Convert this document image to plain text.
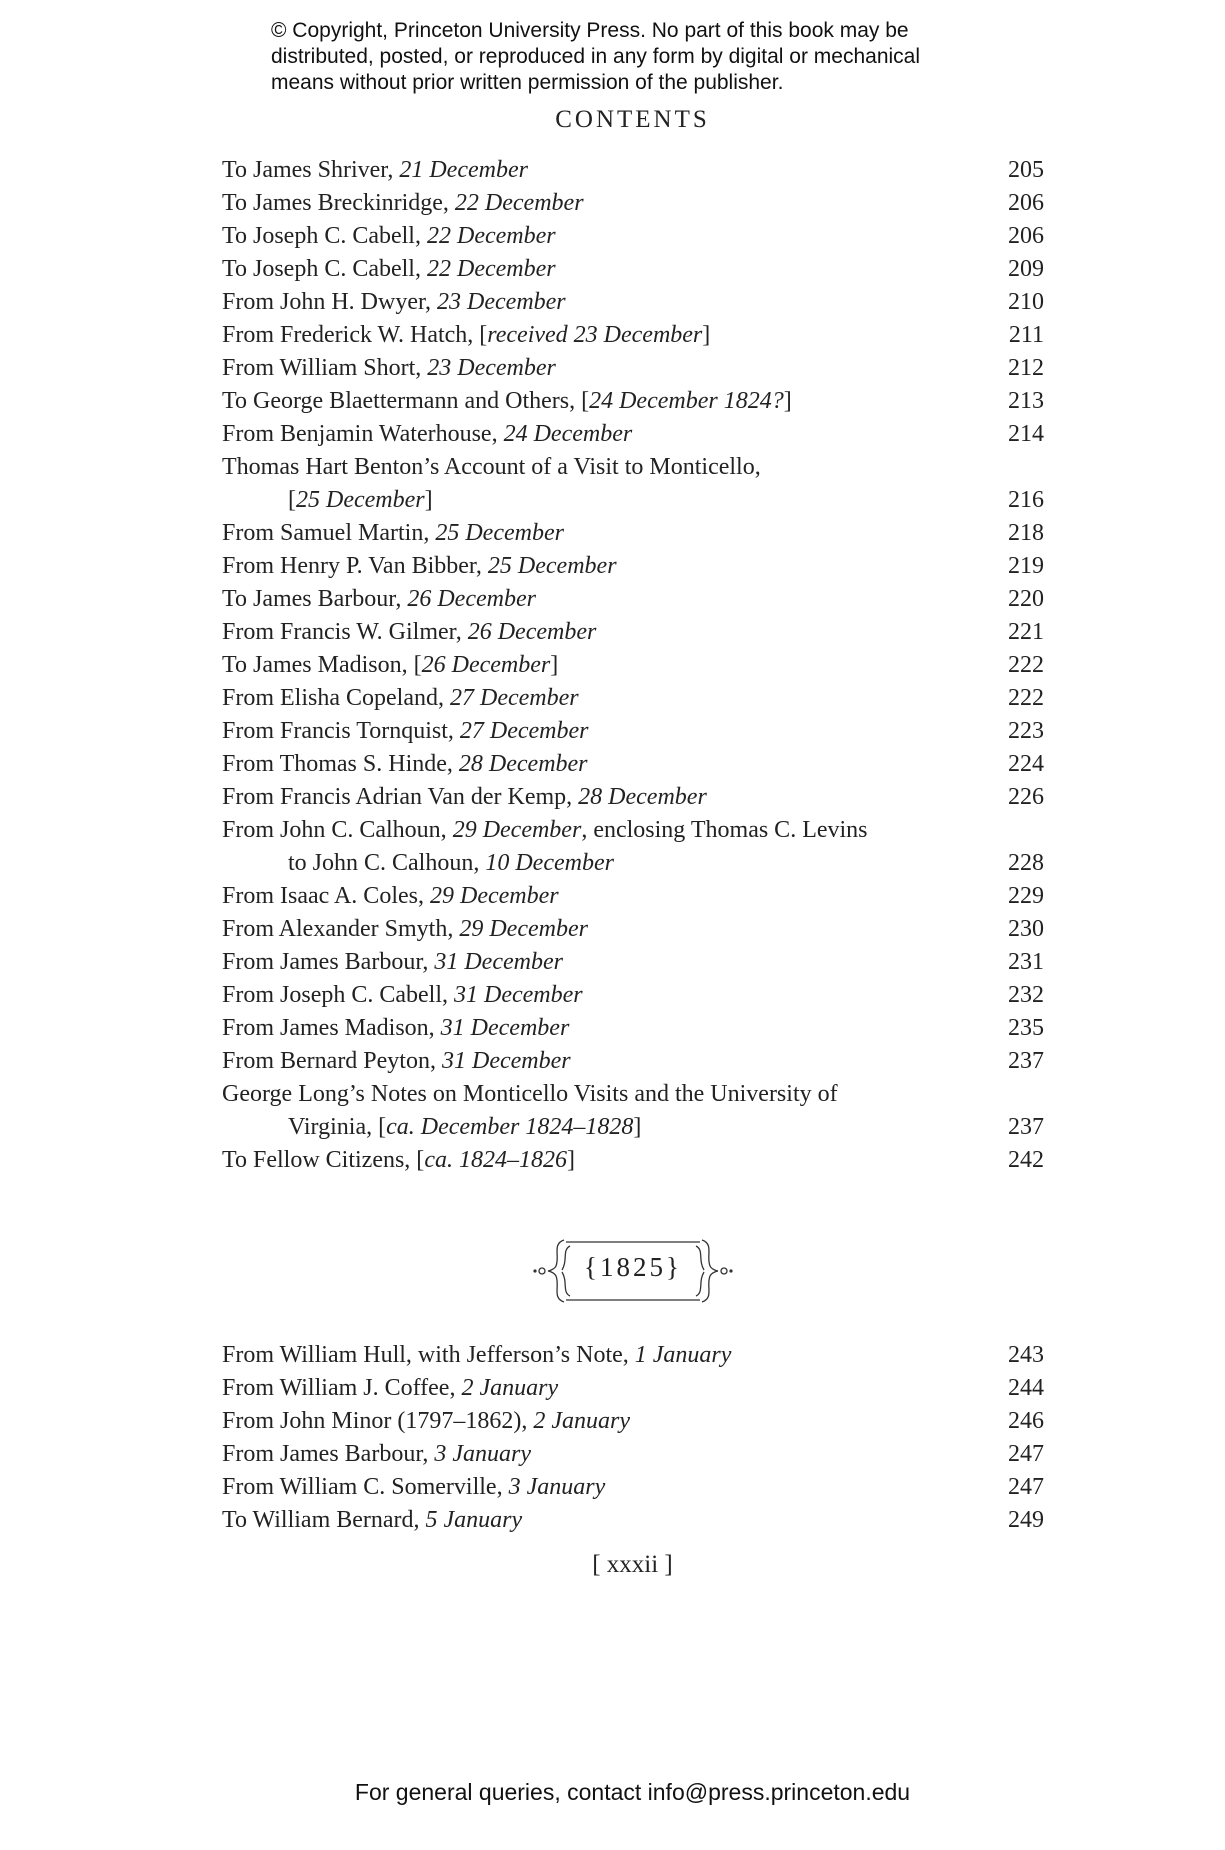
© Copyright, Princeton University Press. No part of this book may be
distributed, posted, or reproduced in any form by digital or mechanical
means without prior written permission of the publisher.
CONTENTS
To James Shriver, 21 December	205
To James Breckinridge, 22 December	206
To Joseph C. Cabell, 22 December	206
To Joseph C. Cabell, 22 December	209
From John H. Dwyer, 23 December	210
From Frederick W. Hatch, [received 23 December]	211
From William Short, 23 December	212
To George Blaettermann and Others, [24 December 1824?]	213
From Benjamin Waterhouse, 24 December	214
Thomas Hart Benton’s Account of a Visit to Monticello,
[25 December]	216
From Samuel Martin, 25 December	218
From Henry P. Van Bibber, 25 December	219
To James Barbour, 26 December	220
From Francis W. Gilmer, 26 December	221
To James Madison, [26 December]	222
From Elisha Copeland, 27 December	222
From Francis Tornquist, 27 December	223
From Thomas S. Hinde, 28 December	224
From Francis Adrian Van der Kemp, 28 December	226
From John C. Calhoun, 29 December, enclosing Thomas C. Levins
to John C. Calhoun, 10 December	228
From Isaac A. Coles, 29 December	229
From Alexander Smyth, 29 December	230
From James Barbour, 31 December	231
From Joseph C. Cabell, 31 December	232
From James Madison, 31 December	235
From Bernard Peyton, 31 December	237
George Long’s Notes on Monticello Visits and the University of
Virginia, [ca. December 1824–1828]	237
To Fellow Citizens, [ca. 1824–1826]	242
{1825}
From William Hull, with Jefferson’s Note, 1 January	243
From William J. Coffee, 2 January	244
From John Minor (1797–1862), 2 January	246
From James Barbour, 3 January	247
From William C. Somerville, 3 January	247
To William Bernard, 5 January	249
[ xxxii ]
For general queries, contact info@press.princeton.edu
